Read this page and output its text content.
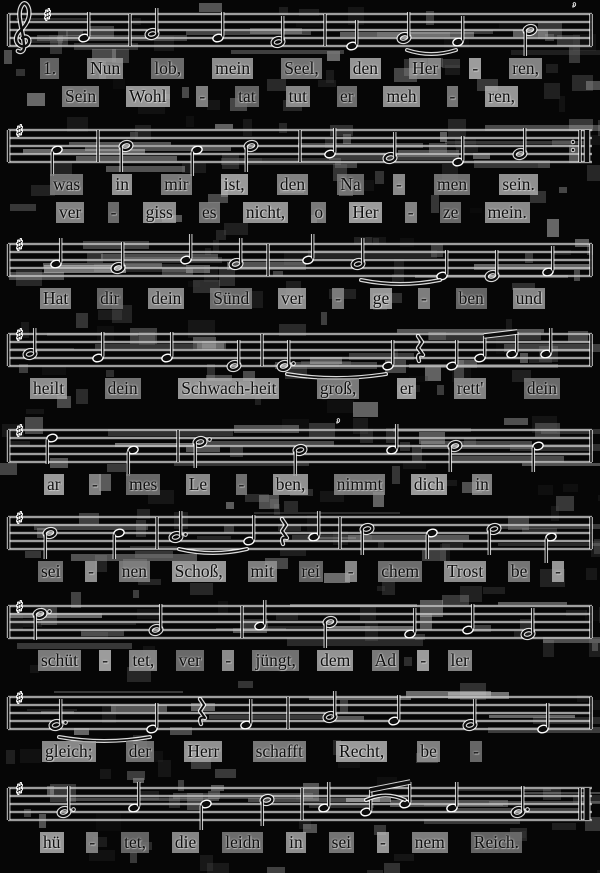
♯	’
1. Nun lob, mein Seel, den Her - ren,
Sein Wohl - tat tut er meh - ren,
♯
was in mir ist, den Na - men sein.
ver - giss es nicht, o Her - ze mein.
♯
Hat dir dein Sünd ver - ge - ben und
♯
heilt dein Schwach-heit groß, er rett' dein
♯	’
ar - mes Le - ben, nimmt dich in
♯
sei - nen Schoß, mit rei - chem Trost be -
♯
schüt - tet, ver - jüngt, dem Ad - ler
♯
gleich; der Herr schafft Recht, be -
♯
hü - tet, die leidn in sei - nem Reich.
